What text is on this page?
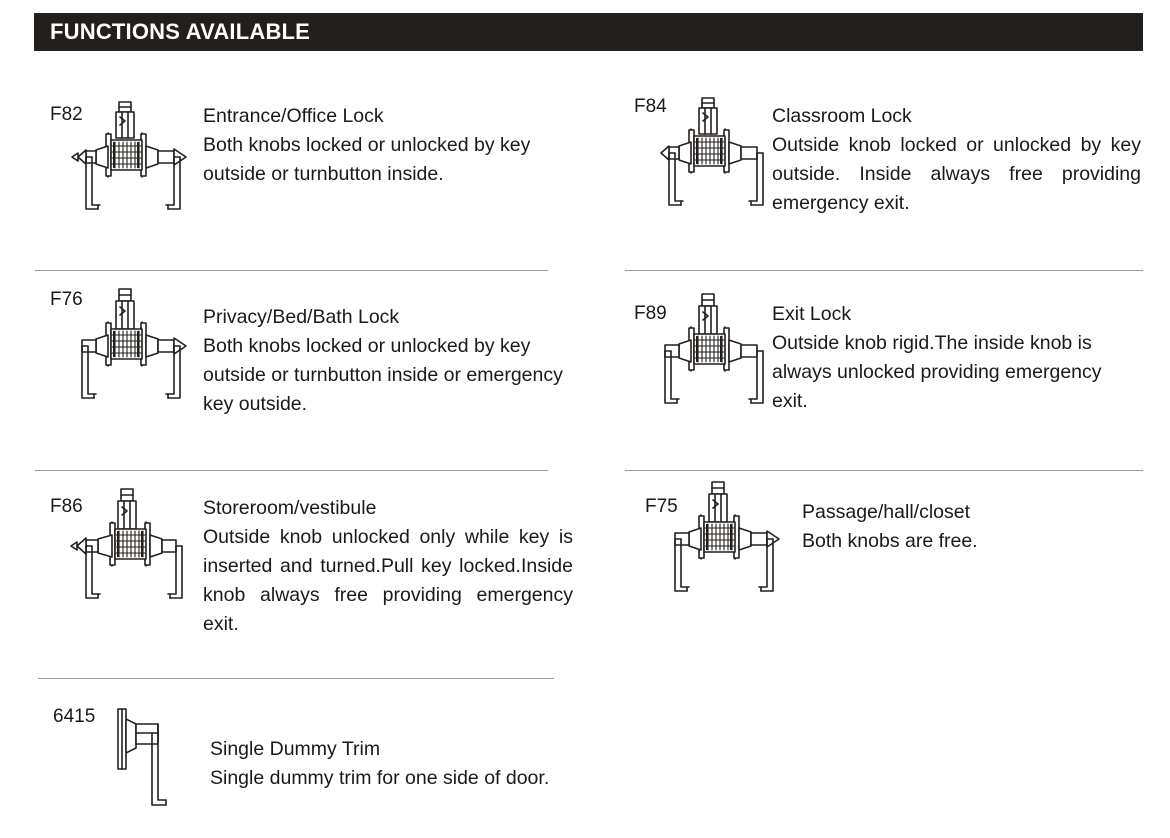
FUNCTIONS AVAILABLE
F82	Entrance/Office Lock
Both knobs locked or unlocked by key outside or turnbutton inside.
F84	Classroom Lock
Outside knob locked or unlocked by key outside. Inside always free providing emergency exit.
F76
Privacy/Bed/Bath Lock
Both knobs locked or unlocked by key outside or turnbutton inside or emergency key outside.
F89	Exit Lock
Outside knob rigid.The inside knob is always unlocked providing emergency exit.
F86	Storeroom/vestibule
Outside knob unlocked only while key is inserted and turned.Pull key locked.Inside knob always free providing emergency exit.
F75	Passage/hall/closet
Both knobs are free.
6415
Single Dummy Trim
Single dummy trim for one side of door.
